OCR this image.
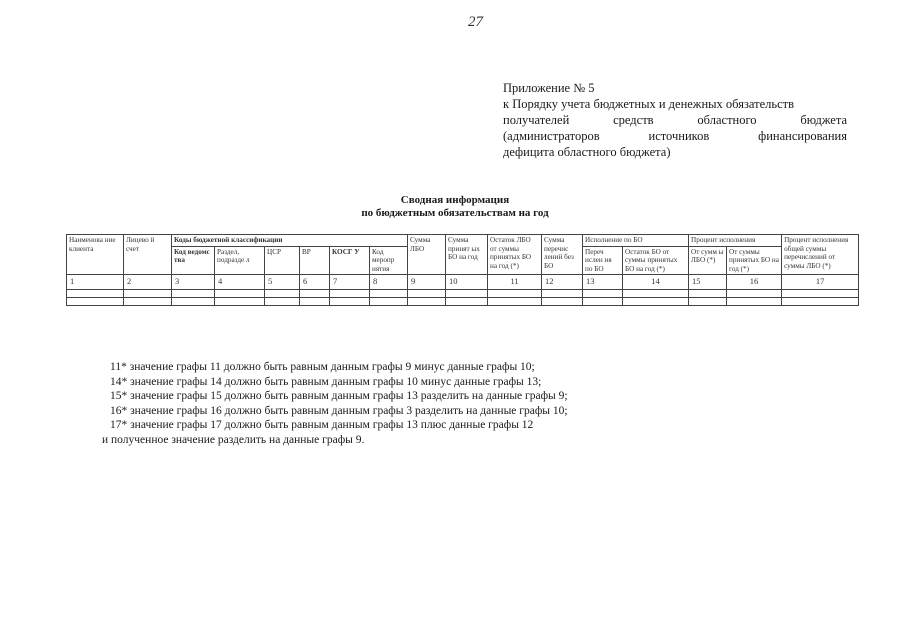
27
Приложение № 5
к Порядку учета бюджетных и денежных обязательств
получателей средств областного бюджета
(администраторов источников финансирования
дефицита областного бюджета)
Сводная информация
по бюджетным обязательствам на год
Наименова ние клиента	Лицево й счет	Коды бюджетной классификации						Сумма ЛБО	Сумма принят ых БО на год	Остаток ЛБО от суммы принятых БО на год (*)	Сумма перечис лений без БО	Исполнение по БО		Процент исполнения		Процент исполнения общей суммы перечислений от суммы ЛБО (*)
		Код ведомс тва	Раздел, подразде л	ЦСР	ВР	КОСГ У	Код меропр иятия					Переч ислен ия по БО	Остаток БО от суммы принятых БО на год (*)	От сумм ы ЛБО (*)	От суммы принятых БО на год (*)	
1	2	3	4	5	6	7	8	9	10	11	12	13	14	15	16	17

11* значение графы 11 должно быть равным данным графы 9 минус данные графы 10;
14* значение графы 14 должно быть равным данным графы 10 минус данные графы 13;
15* значение графы 15 должно быть равным данным графы 13 разделить на данные графы 9;
16* значение графы 16 должно быть равным данным графы 3 разделить на данные графы 10;
17* значение графы 17 должно быть равным данным графы 13 плюс данные графы 12
и полученное значение разделить на данные графы 9.
